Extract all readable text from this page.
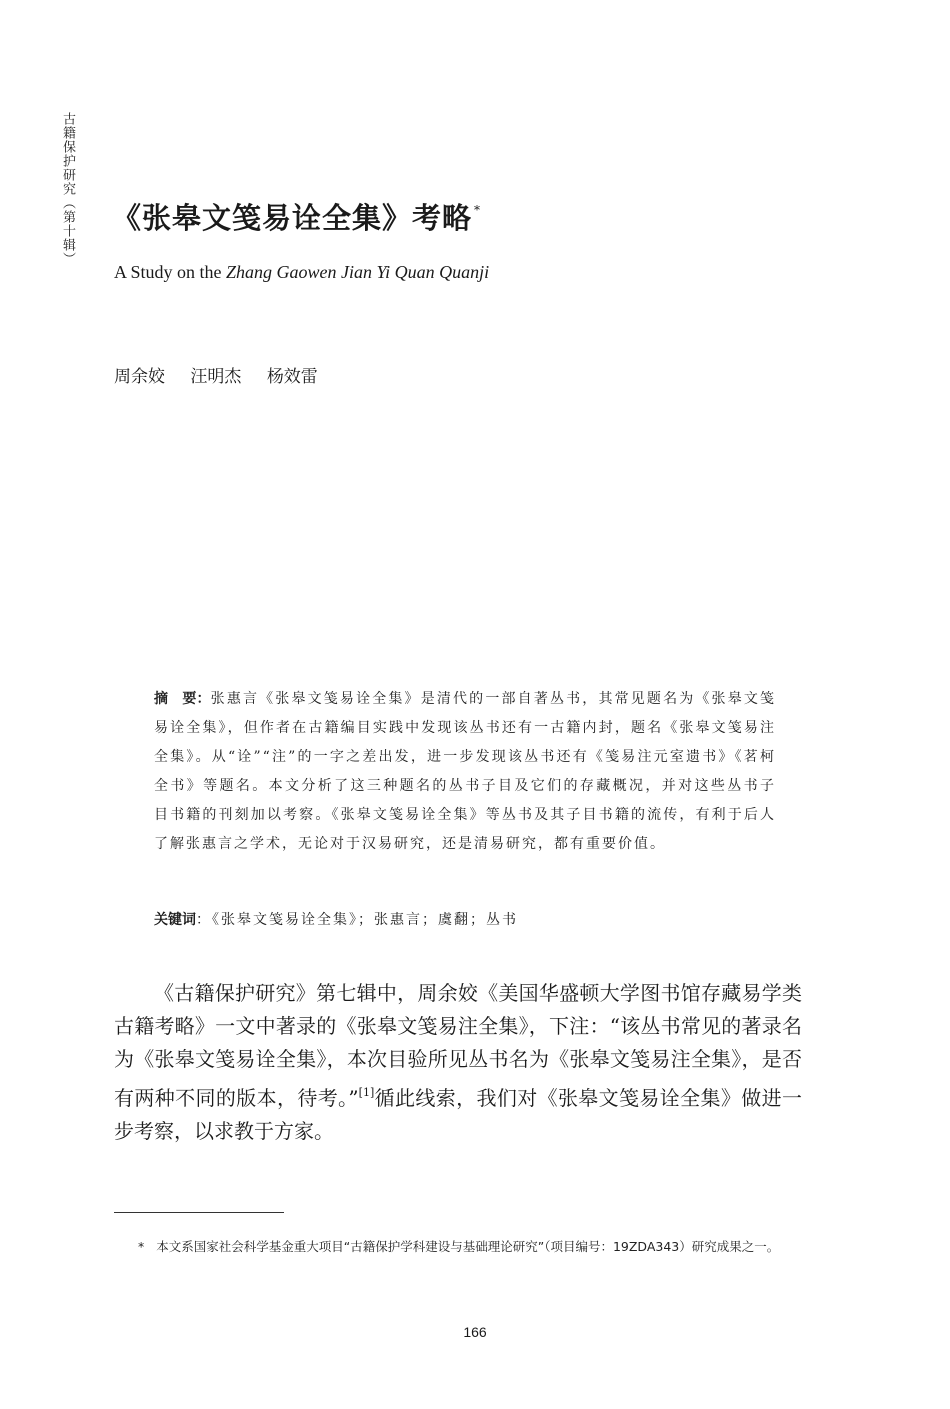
古籍保护研究（第十辑） 《张皋文笺易诠全集》考略 *
A Study on the Zhang Gaowen Jian Yi Quan Quanji
周余姣 汪明杰 杨效雷
摘　要：张惠言《张皋文笺易诠全集》是清代的一部自著丛书，其常见题名为《张皋文笺易诠全集》，但作者在古籍编目实践中发现该丛书还有一古籍内封，题名《张皋文笺易注全集》。从“诠”“注”的一字之差出发，进一步发现该丛书还有《笺易注元室遗书》《茗柯全书》等题名。本文分析了这三种题名的丛书子目及它们的存藏概况，并对这些丛书子目书籍的刊刻加以考察。《张皋文笺易诠全集》等丛书及其子目书籍的流传，有利于后人了解张惠言之学术，无论对于汉易研究，还是清易研究，都有重要价值。
关键词：《张皋文笺易诠全集》；张惠言；虞翻；丛书

《古籍保护研究》第七辑中，周余姣《美国华盛顿大学图书馆存藏易学类古籍考略》一文中著录的《张皋文笺易注全集》，下注：“该丛书常见的著录名为《张皋文笺易诠全集》，本次目验所见丛书名为《张皋文笺易注全集》，是否有两种不同的版本，待考。”[1]循此线索，我们对《张皋文笺易诠全集》做进一步考察，以求教于方家。

* 本文系国家社会科学基金重大项目“古籍保护学科建设与基础理论研究”（项目编号：19ZDA343）研究成果之一。
166
